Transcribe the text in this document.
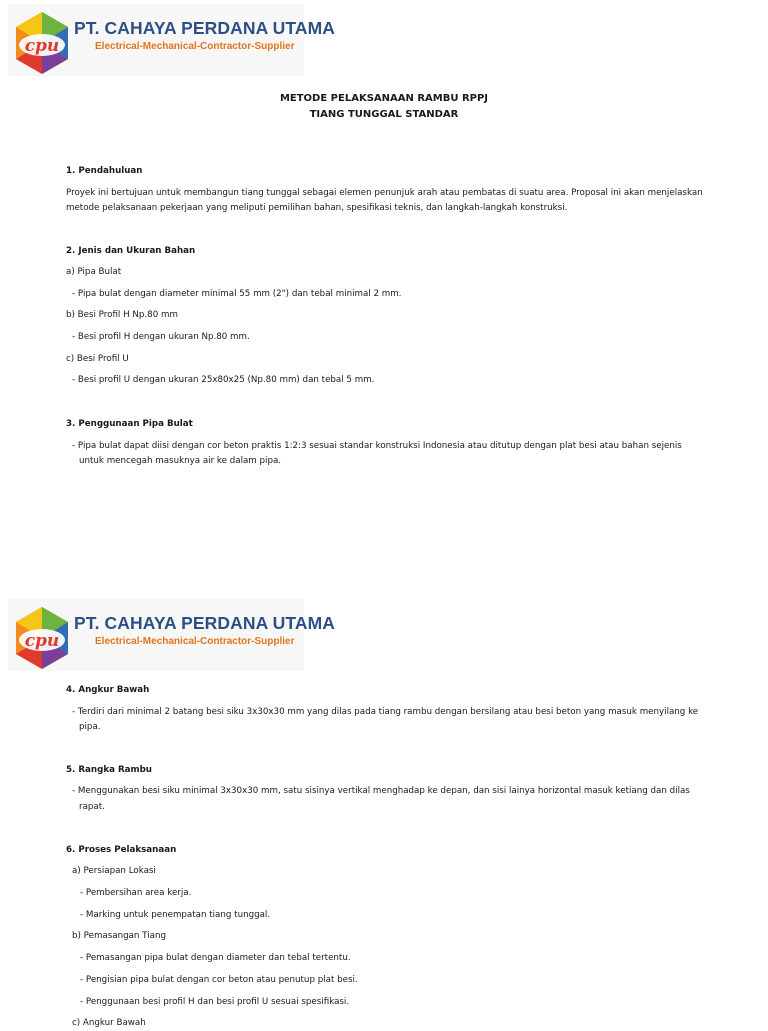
cpu
PT. CAHAYA PERDANA UTAMA
Electrical-Mechanical-Contractor-Supplier
METODE PELAKSANAAN RAMBU RPPJ
TIANG TUNGGAL STANDAR
1. Pendahuluan
Proyek ini bertujuan untuk membangun tiang tunggal sebagai elemen penunjuk arah atau pembatas di suatu area. Proposal ini akan menjelaskan
metode pelaksanaan pekerjaan yang meliputi pemilihan bahan, spesifikasi teknis, dan langkah-langkah konstruksi.
2. Jenis dan Ukuran Bahan
a) Pipa Bulat
- Pipa bulat dengan diameter minimal 55 mm (2") dan tebal minimal 2 mm.
b) Besi Profil H Np.80 mm
- Besi profil H dengan ukuran Np.80 mm.
c) Besi Profil U
- Besi profil U dengan ukuran 25x80x25 (Np.80 mm) dan tebal 5 mm.
3. Penggunaan Pipa Bulat
- Pipa bulat dapat diisi dengan cor beton praktis 1:2:3 sesuai standar konstruksi Indonesia atau ditutup dengan plat besi atau bahan sejenis
untuk mencegah masuknya air ke dalam pipa.
cpu
PT. CAHAYA PERDANA UTAMA
Electrical-Mechanical-Contractor-Supplier
4. Angkur Bawah
- Terdiri dari minimal 2 batang besi siku 3x30x30 mm yang dilas pada tiang rambu dengan bersilang atau besi beton yang masuk menyilang ke
pipa.
5. Rangka Rambu
- Menggunakan besi siku minimal 3x30x30 mm, satu sisinya vertikal menghadap ke depan, dan sisi lainya horizontal masuk ketiang dan dilas
rapat.
6. Proses Pelaksanaan
a) Persiapan Lokasi
- Pembersihan area kerja.
- Marking untuk penempatan tiang tunggal.
b) Pemasangan Tiang
- Pemasangan pipa bulat dengan diameter dan tebal tertentu.
- Pengisian pipa bulat dengan cor beton atau penutup plat besi.
- Penggunaan besi profil H dan besi profil U sesuai spesifikasi.
c) Angkur Bawah
